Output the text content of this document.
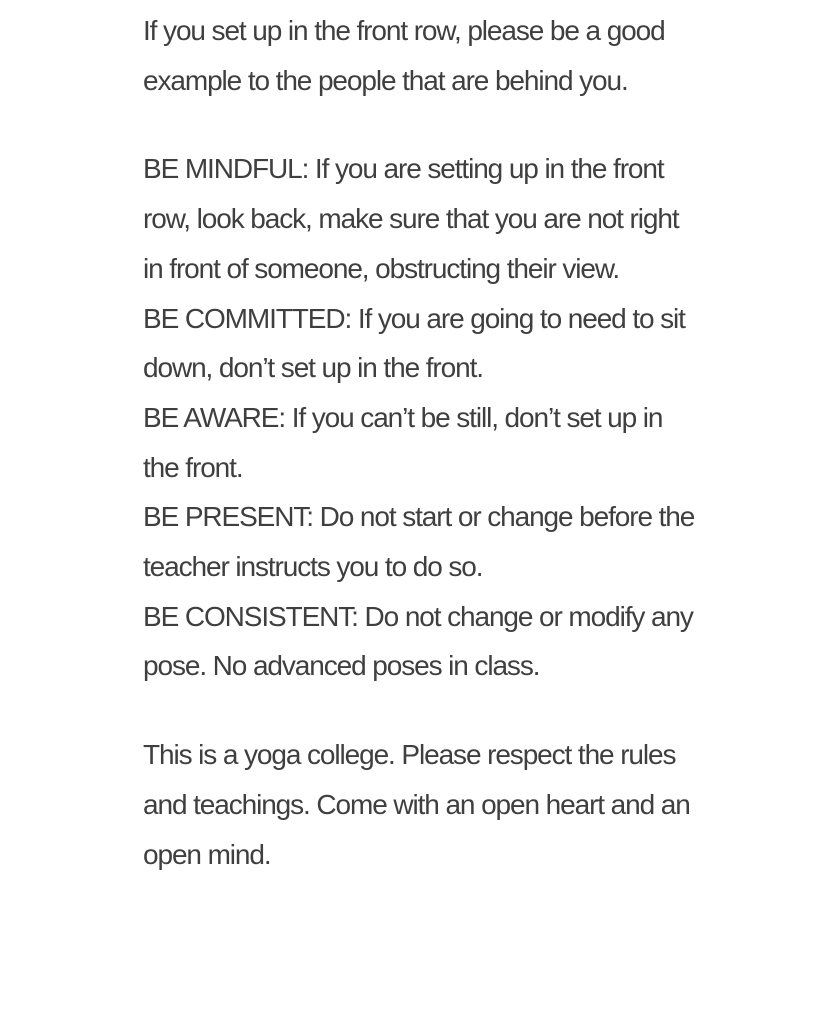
If you set up in the front row, please be a good example to the people that are behind you.

BE MINDFUL: If you are setting up in the front row, look back, make sure that you are not right in front of someone, obstructing their view.

BE COMMITTED: If you are going to need to sit down, don’t set up in the front.

BE AWARE: If you can’t be still, don’t set up in the front.

BE PRESENT: Do not start or change before the teacher instructs you to do so.

BE CONSISTENT: Do not change or modify any pose. No advanced poses in class.

This is a yoga college. Please respect the rules and teachings. Come with an open heart and an open mind.
